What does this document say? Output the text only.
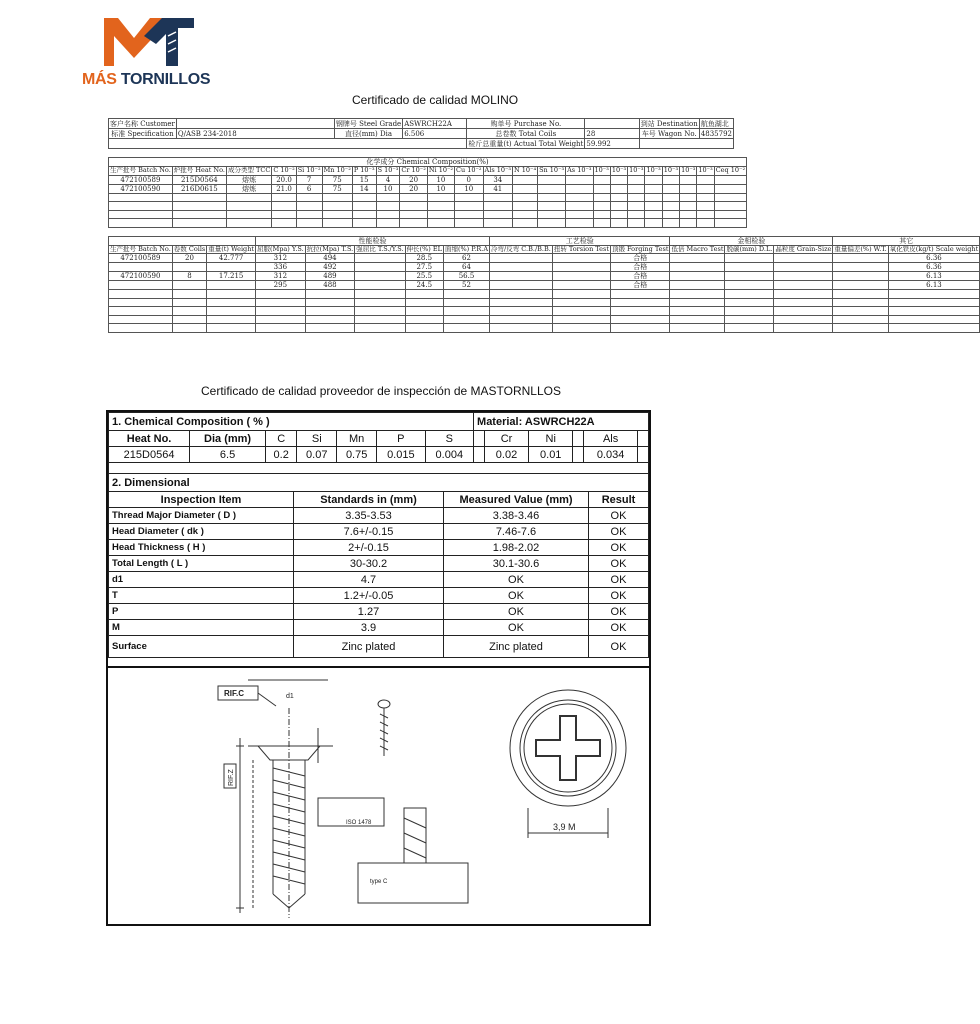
MÁS TORNILLOS
Certificado de calidad MOLINO
客户名称 Customer		钢牌号 Steel Grade	ASWRCH22A	购单号 Purchase No.		到站 Destination	航鱼湖北
标准 Specification	Q/ASB 234-2018	直径(mm) Dia	6.506	总卷数 Total Coils	28	车号 Wagon No.	4835792
				检斤总重量(t) Actual Total Weight	59.992		
化学成分 Chemical Composition(%)																						
生产批号 Batch No.	炉批号 Heat No.	成分类型 TCC	C 10⁻²	Si 10⁻²	Mn 10⁻²	P 10⁻³	S 10⁻³	Cr 10⁻²	Ni 10⁻²	Cu 10⁻²	Als 10⁻³	N 10⁻⁴	Sn 10⁻³	As 10⁻³	10⁻³	10⁻³	10⁻³	10⁻³	10⁻³	10⁻³	10⁻³	Ceq 10⁻²
472100589	215D0564	熔炼	20.0	7	75	15	4	20	10	0	34											
472100590	216D0615	熔炼	21.0	6	75	14	10	20	10	10	41											

			性能检验					工艺检验			金相检验			其它	
生产批号 Batch No.	卷数 Coils	重量(t) Weight	屈服(Mpa) Y.S.	抗拉(Mpa) T.S.	强屈比 T.S./Y.S.	伸长(%) EL	面缩(%) P.R.A	冷弯/反弯 C.B./B.B.	扭转 Torsion Test	顶锻 Forging Test	低倍 Macro Test	脱碳(mm) D.L.	晶粒度 Grain-Size	重量偏差(%) W.T.	氧化铁皮(kg/t) Scale weight
472100589	20	42.777	312	494		28.5	62			合格					6.36
			336	492		27.5	64			合格					6.36
472100590	8	17.215	312	489		25.5	56.5			合格					6.13
			295	488		24.5	52			合格					6.13

Certificado de calidad proveedor de inspección de MASTORNLLOS
1. Chemical Composition ( % )							Material: ASWRCH22A					
Heat No.	Dia (mm)	C	Si	Mn	P	S		Cr	Ni		Als	
215D0564	6.5	0.2	0.07	0.75	0.015	0.004		0.02	0.01		0.034	
2. Dimensional			
Inspection Item	Standards in (mm)	Measured Value (mm)	Result
Thread Major Diameter ( D )	3.35-3.53	3.38-3.46	OK
Head Diameter ( dk )	7.6+/-0.15	7.46-7.6	OK
Head Thickness ( H )	2+/-0.15	1.98-2.02	OK
Total Length ( L )	30-30.2	30.1-30.6	OK
d1	4.7	OK	OK
T	1.2+/-0.05	OK	OK
P	1.27	OK	OK
M	3.9	OK	OK
Surface	Zinc plated	Zinc plated	OK
RIF.C	d1
RIF.Z
ISO 1478
type C
3,9 M
